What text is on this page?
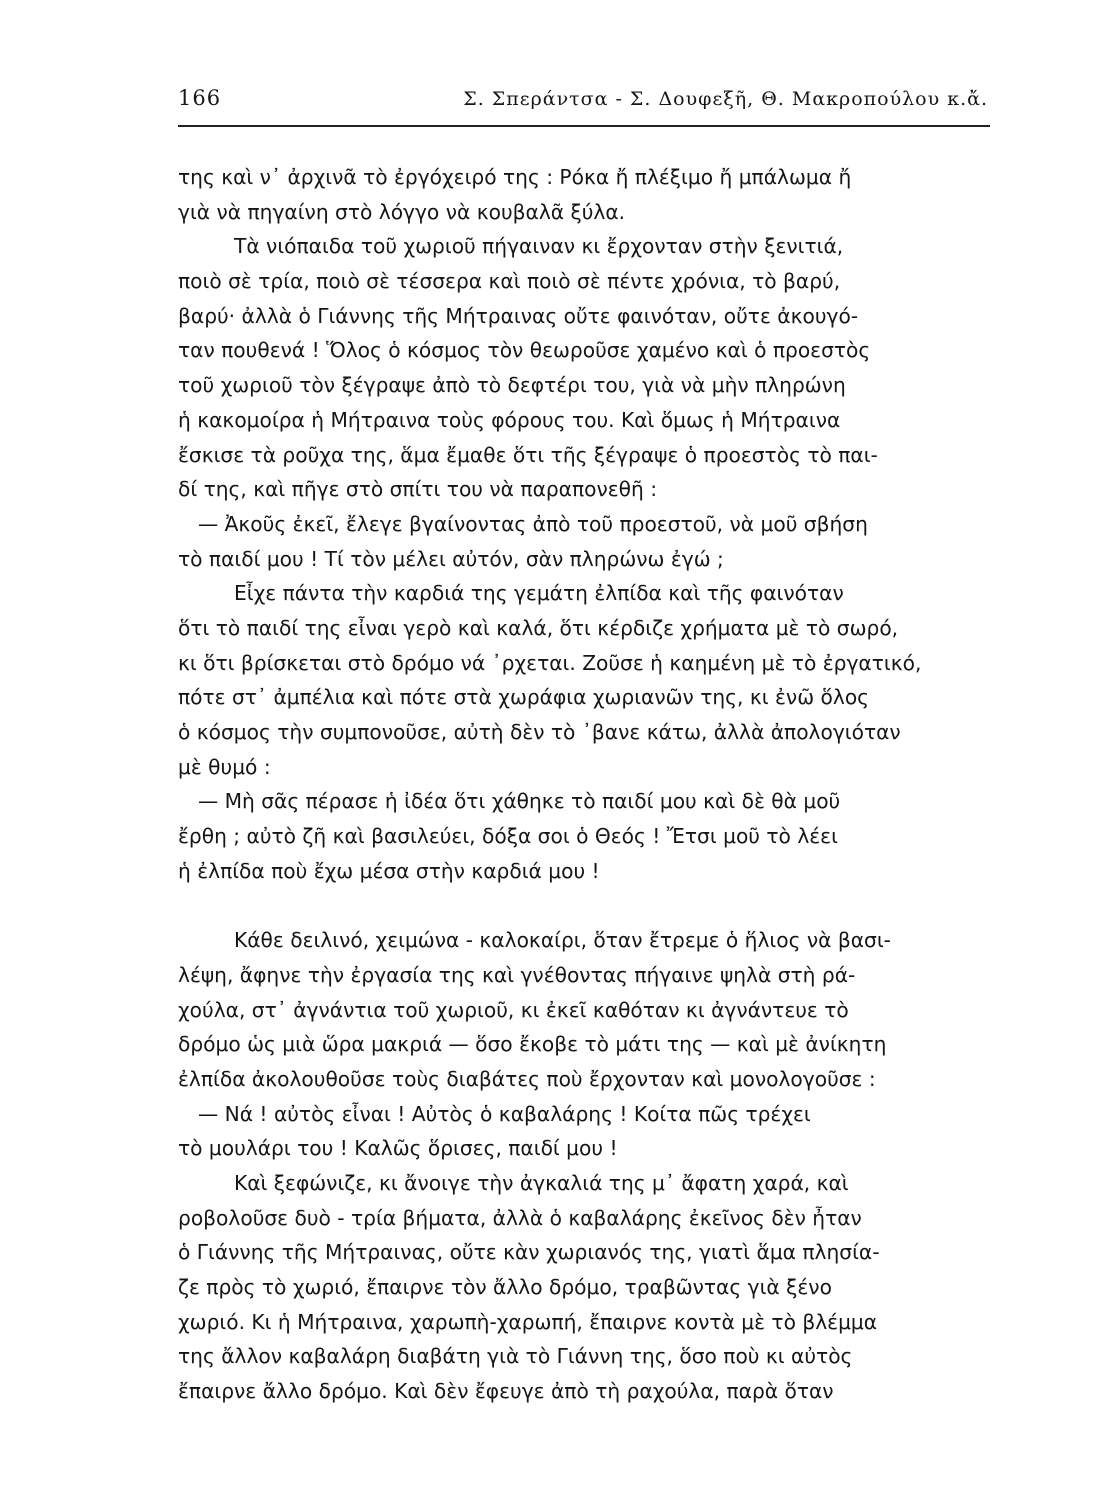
166	Σ. Σπεράντσα - Σ. Δουφεξῆ, Θ. Μακροπούλου κ.ἄ.
της καὶ ν᾽ ἀρχινᾶ τὸ ἐργόχειρό της : Ρόκα ἤ πλέξιμο ἤ μπάλωμα ἤ
γιὰ νὰ πηγαίνη στὸ λόγγο νὰ κουβαλᾶ ξύλα.
Τὰ νιόπαιδα τοῦ χωριοῦ πήγαιναν κι ἔρχονταν στὴν ξενιτιά,
ποιὸ σὲ τρία, ποιὸ σὲ τέσσερα καὶ ποιὸ σὲ πέντε χρόνια, τὸ βαρύ,
βαρύ· ἀλλὰ ὁ Γιάννης τῆς Μήτραινας οὔτε φαινόταν, οὔτε ἀκουγό-
ταν πουθενά ! Ὅλος ὁ κόσμος τὸν θεωροῦσε χαμένο καὶ ὁ προεστὸς
τοῦ χωριοῦ τὸν ξέγραψε ἀπὸ τὸ δεφτέρι του, γιὰ νὰ μὴν πληρώνη
ἡ κακομοίρα ἡ Μήτραινα τοὺς φόρους του. Καὶ ὅμως ἡ Μήτραινα
ἔσκισε τὰ ροῦχα της, ἅμα ἔμαθε ὅτι τῆς ξέγραψε ὁ προεστὸς τὸ παι-
δί της, καὶ πῆγε στὸ σπίτι του νὰ παραπονεθῆ :
— Ἀκοῦς ἐκεῖ, ἔλεγε βγαίνοντας ἀπὸ τοῦ προεστοῦ, νὰ μοῦ σβήση
τὸ παιδί μου ! Τί τὸν μέλει αὐτόν, σὰν πληρώνω ἐγώ ;
Εἶχε πάντα τὴν καρδιά της γεμάτη ἐλπίδα καὶ τῆς φαινόταν
ὅτι τὸ παιδί της εἶναι γερὸ καὶ καλά, ὅτι κέρδιζε χρήματα μὲ τὸ σωρό,
κι ὅτι βρίσκεται στὸ δρόμο νά ᾽ρχεται. Ζοῦσε ἡ καημένη μὲ τὸ ἐργατικό,
πότε στ᾽ ἀμπέλια καὶ πότε στὰ χωράφια χωριανῶν της, κι ἐνῶ ὅλος
ὁ κόσμος τὴν συμπονοῦσε, αὐτὴ δὲν τὸ ᾽βανε κάτω, ἀλλὰ ἀπολογιόταν
μὲ θυμό :
— Μὴ σᾶς πέρασε ἡ ἰδέα ὅτι χάθηκε τὸ παιδί μου καὶ δὲ θὰ μοῦ
ἔρθη ; αὐτὸ ζῆ καὶ βασιλεύει, δόξα σοι ὁ Θεός ! Ἔτσι μοῦ τὸ λέει
ἡ ἐλπίδα ποὺ ἔχω μέσα στὴν καρδιά μου !
Κάθε δειλινό, χειμώνα - καλοκαίρι, ὅταν ἔτρεμε ὁ ἥλιος νὰ βασι-
λέψη, ἄφηνε τὴν ἐργασία της καὶ γνέθοντας πήγαινε ψηλὰ στὴ ρά-
χούλα, στ᾽ ἀγνάντια τοῦ χωριοῦ, κι ἐκεῖ καθόταν κι ἀγνάντευε τὸ
δρόμο ὡς μιὰ ὥρα μακριά — ὅσο ἔκοβε τὸ μάτι της — καὶ μὲ ἀνίκητη
ἐλπίδα ἀκολουθοῦσε τοὺς διαβάτες ποὺ ἔρχονταν καὶ μονολογοῦσε :
— Νά ! αὐτὸς εἶναι ! Αὐτὸς ὁ καβαλάρης ! Κοίτα πῶς τρέχει
τὸ μουλάρι του ! Καλῶς ὅρισες, παιδί μου !
Καὶ ξεφώνιζε, κι ἄνοιγε τὴν ἀγκαλιά της μ᾽ ἄφατη χαρά, καὶ
ροβολοῦσε δυὸ - τρία βήματα, ἀλλὰ ὁ καβαλάρης ἐκεῖνος δὲν ἦταν
ὁ Γιάννης τῆς Μήτραινας, οὔτε κὰν χωριανός της, γιατὶ ἅμα πλησία-
ζε πρὸς τὸ χωριό, ἔπαιρνε τὸν ἄλλο δρόμο, τραβῶντας γιὰ ξένο
χωριό. Κι ἡ Μήτραινα, χαρωπὴ-χαρωπή, ἔπαιρνε κοντὰ μὲ τὸ βλέμμα
της ἄλλον καβαλάρη διαβάτη γιὰ τὸ Γιάννη της, ὅσο ποὺ κι αὐτὸς
ἔπαιρνε ἄλλο δρόμο. Καὶ δὲν ἔφευγε ἀπὸ τὴ ραχούλα, παρὰ ὅταν
